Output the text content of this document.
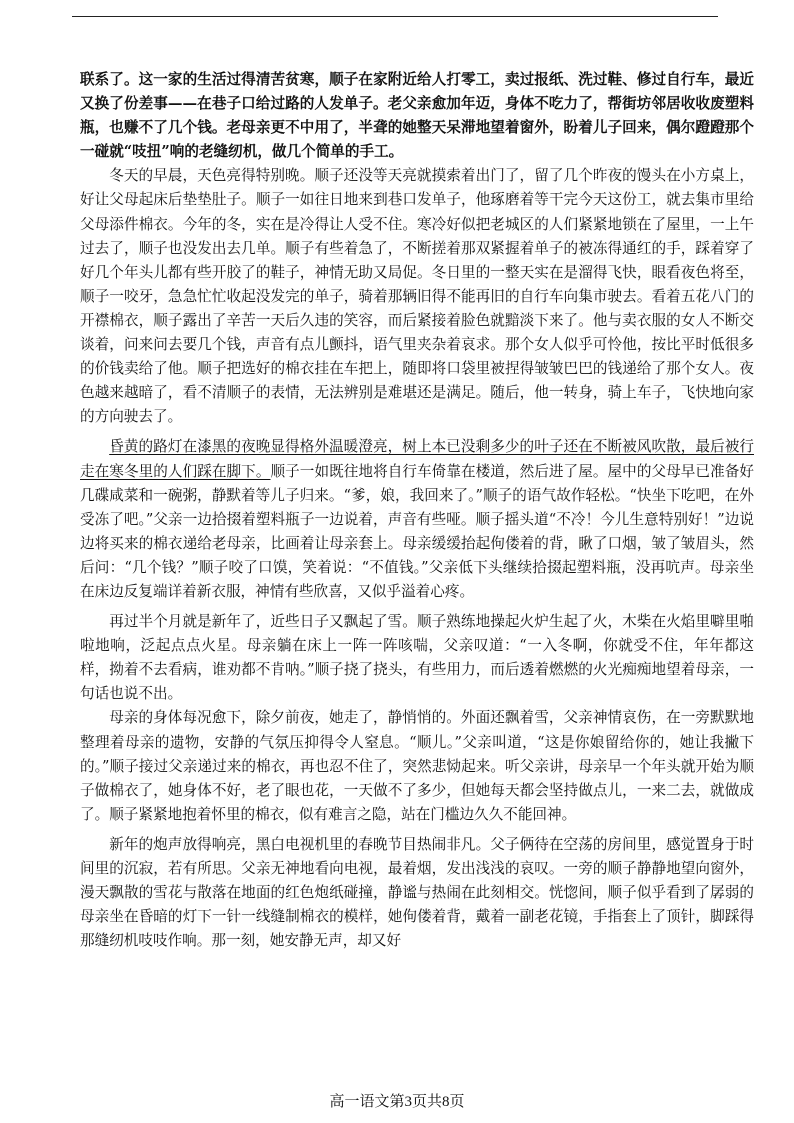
联系了。这一家的生活过得清苦贫寒，顺子在家附近给人打零工，卖过报纸、洗过鞋、修过自行车，最近又换了份差事——在巷子口给过路的人发单子。老父亲愈加年迈，身体不吃力了，帮街坊邻居收收废塑料瓶，也赚不了几个钱。老母亲更不中用了，半聋的她整天呆滞地望着窗外，盼着儿子回来，偶尔蹬蹬那个一碰就“吱扭”响的老缝纫机，做几个简单的手工。

冬天的早晨，天色亮得特别晚。顺子还没等天亮就摸索着出门了，留了几个昨夜的馒头在小方桌上，好让父母起床后垫垫肚子。顺子一如往日地来到巷口发单子，他琢磨着等干完今天这份工，就去集市里给父母添件棉衣。今年的冬，实在是冷得让人受不住。寒冷好似把老城区的人们紧紧地锁在了屋里，一上午过去了，顺子也没发出去几单。顺子有些着急了，不断搓着那双紧握着单子的被冻得通红的手，踩着穿了好几个年头儿都有些开胶了的鞋子，神情无助又局促。冬日里的一整天实在是溜得飞快，眼看夜色将至，顺子一咬牙，急急忙忙收起没发完的单子，骑着那辆旧得不能再旧的自行车向集市驶去。看着五花八门的开襟棉衣，顺子露出了辛苦一天后久违的笑容，而后紧接着脸色就黯淡下来了。他与卖衣服的女人不断交谈着，问来问去要几个钱，声音有点儿颤抖，语气里夹杂着哀求。那个女人似乎可怜他，按比平时低很多的价钱卖给了他。顺子把选好的棉衣挂在车把上，随即将口袋里被捏得皱皱巴巴的钱递给了那个女人。夜色越来越暗了，看不清顺子的表情，无法辨别是难堪还是满足。随后，他一转身，骑上车子，飞快地向家的方向驶去了。

昏黄的路灯在漆黑的夜晚显得格外温暖澄亮，树上本已没剩多少的叶子还在不断被风吹散，最后被行走在寒冬里的人们踩在脚下。顺子一如既往地将自行车倚靠在楼道，然后进了屋。屋中的父母早已准备好几碟咸菜和一碗粥，静默着等儿子归来。“爹，娘，我回来了。”顺子的语气故作轻松。“快坐下吃吧，在外受冻了吧。”父亲一边拾掇着塑料瓶子一边说着，声音有些哑。顺子摇头道“不冷！今儿生意特别好！”边说边将买来的棉衣递给老母亲，比画着让母亲套上。母亲缓缓抬起佝偻着的背，瞅了口烟，皱了皱眉头，然后问：“几个钱？”顺子咬了口馍，笑着说：“不值钱。”父亲低下头继续拾掇起塑料瓶，没再吭声。母亲坐在床边反复端详着新衣服，神情有些欣喜，又似乎溢着心疼。

再过半个月就是新年了，近些日子又飘起了雪。顺子熟练地操起火炉生起了火，木柴在火焰里噼里啪啦地响，泛起点点火星。母亲躺在床上一阵一阵咳喘，父亲叹道：“一入冬啊，你就受不住，年年都这样，拗着不去看病，谁劝都不肯呐。”顺子挠了挠头，有些用力，而后透着燃燃的火光痴痴地望着母亲，一句话也说不出。

母亲的身体每况愈下，除夕前夜，她走了，静悄悄的。外面还飘着雪，父亲神情哀伤，在一旁默默地整理着母亲的遗物，安静的气氛压抑得令人窒息。“顺儿。”父亲叫道，“这是你娘留给你的，她让我撇下的。”顺子接过父亲递过来的棉衣，再也忍不住了，突然悲恸起来。听父亲讲，母亲早一个年头就开始为顺子做棉衣了，她身体不好，老了眼也花，一天做不了多少，但她每天都会坚持做点儿，一来二去，就做成了。顺子紧紧地抱着怀里的棉衣，似有难言之隐，站在门槛边久久不能回神。

新年的炮声放得响亮，黑白电视机里的春晚节目热闹非凡。父子俩待在空荡的房间里，感觉置身于时间里的沉寂，若有所思。父亲无神地看向电视，最着烟，发出浅浅的哀叹。一旁的顺子静静地望向窗外，漫天飘散的雪花与散落在地面的红色炮纸碰撞，静谧与热闹在此刻相交。恍惚间，顺子似乎看到了孱弱的母亲坐在昏暗的灯下一针一线缝制棉衣的模样，她佝偻着背，戴着一副老花镜，手指套上了顶针，脚踩得那缝纫机吱吱作响。那一刻，她安静无声，却又好

高一语文第3页共8页
